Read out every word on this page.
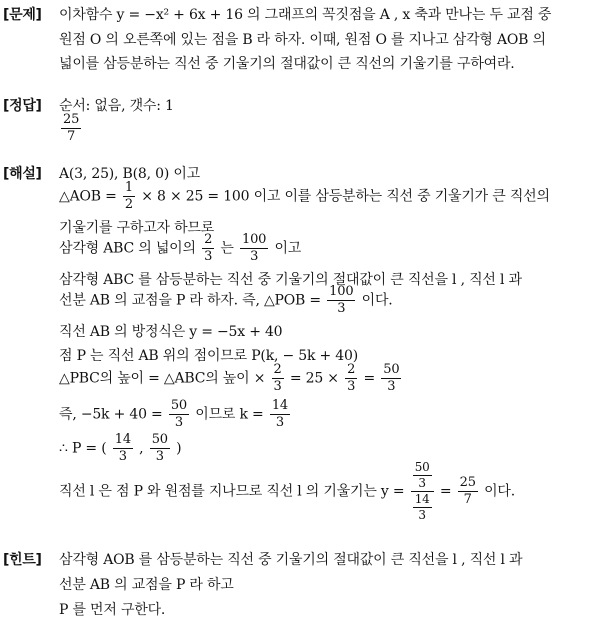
[문제] 이차함수 y = −x² + 6x + 16 의 그래프의 꼭짓점을 A , x 축과 만나는 두 교점 중
원점 O 의 오른쪽에 있는 점을 B 라 하자. 이때, 원점 O 를 지나고 삼각형 AOB 의
넓이를 삼등분하는 직선 중 기울기의 절대값이 큰 직선의 기울기를 구하여라.
[정답] 순서: 없음, 갯수: 1
$\frac{25}{7}$
[해설] A(3, 25), B(8, 0) 이고
△AOB = $\frac{1}{2} \times 8 \times 25 = 100$ 이고 이를 삼등분하는 직선 중 기울기가 큰 직선의
기울기를 구하고자 하므로
삼각형 ABC 의 넓이의 $\frac{2}{3}$ 는 $\frac{100}{3}$ 이고
삼각형 ABC 를 삼등분하는 직선 중 기울기의 절대값이 큰 직선을 l , 직선 l 과
선분 AB 의 교점을 P 라 하자. 즉, △POB = $\frac{100}{3}$ 이다.
직선 AB 의 방정식은 y = −5x + 40
점 P 는 직선 AB 위의 점이므로 P(k, − 5k + 40)
△PBC의 높이 = △ABC의 높이 × $\frac{2}{3} = 25 \times \frac{2}{3} = \frac{50}{3}$
즉, $-5k + 40 = \frac{50}{3}$ 이므로 $k = \frac{14}{3}$
∴ P = ( $\frac{14}{3}$ , $\frac{50}{3}$ )
직선 l 은 점 P 와 원점를 지나므로 직선 l 의 기울기는 $y = \frac{\frac{50}{3}}{\frac{14}{3}} = \frac{25}{7}$ 이다.
[힌트] 삼각형 AOB 를 삼등분하는 직선 중 기울기의 절대값이 큰 직선을 l , 직선 l 과
선분 AB 의 교점을 P 라 하고
P 를 먼저 구한다.
